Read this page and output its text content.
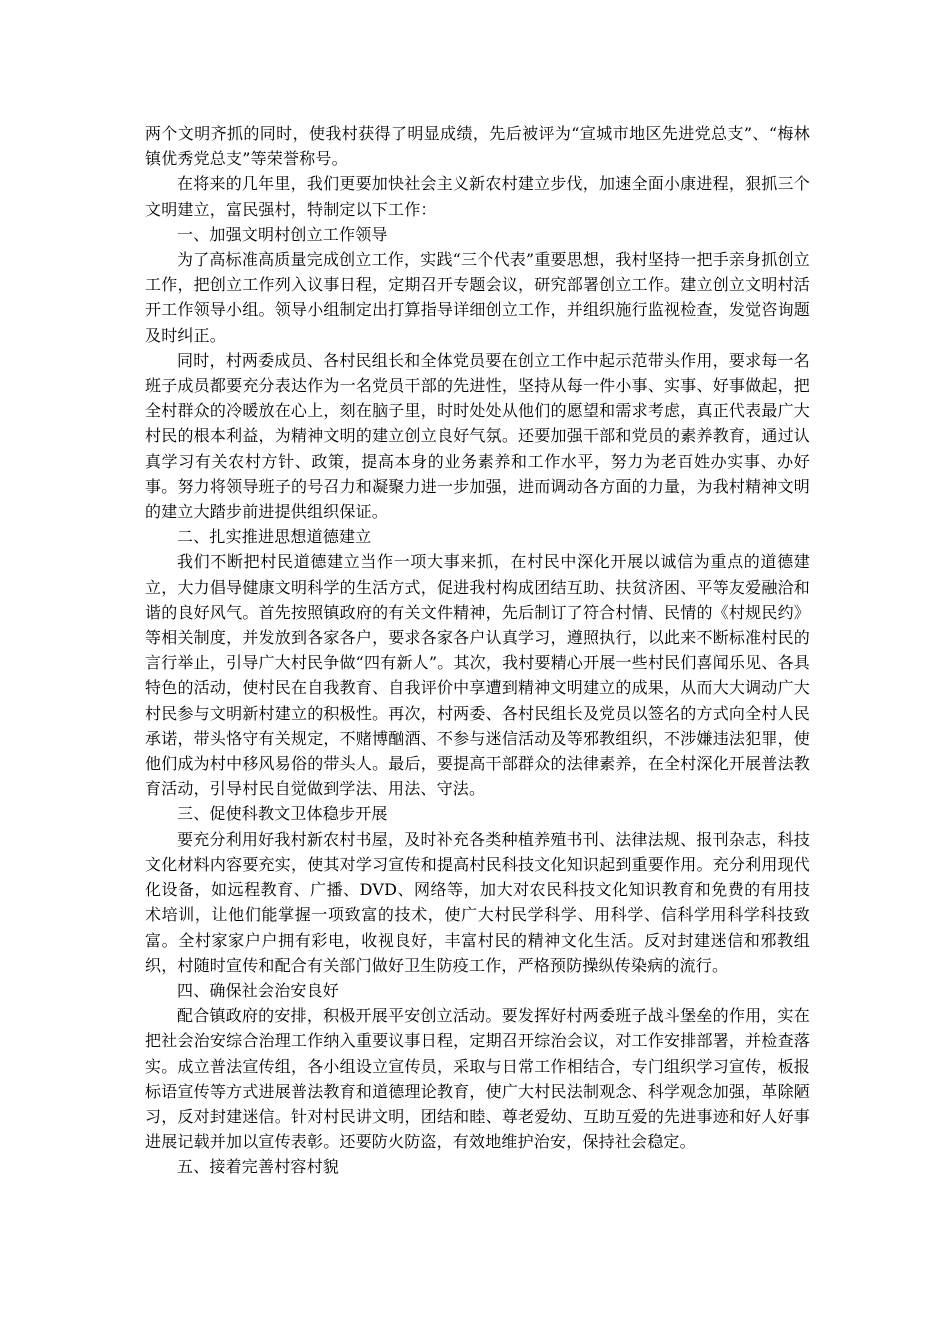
两个文明齐抓的同时，使我村获得了明显成绩，先后被评为“宣城市地区先进党总支”、“梅林镇优秀党总支”等荣誉称号。

在将来的几年里，我们更要加快社会主义新农村建立步伐，加速全面小康进程，狠抓三个文明建立，富民强村，特制定以下工作：

一、加强文明村创立工作领导

为了高标准高质量完成创立工作，实践“三个代表”重要思想，我村坚持一把手亲身抓创立工作，把创立工作列入议事日程，定期召开专题会议，研究部署创立工作。建立创立文明村活开工作领导小组。领导小组制定出打算指导详细创立工作，并组织施行监视检查，发觉咨询题及时纠正。

同时，村两委成员、各村民组长和全体党员要在创立工作中起示范带头作用，要求每一名班子成员都要充分表达作为一名党员干部的先进性，坚持从每一件小事、实事、好事做起，把全村群众的冷暖放在心上，刻在脑子里，时时处处从他们的愿望和需求考虑，真正代表最广大村民的根本利益，为精神文明的建立创立良好气氛。还要加强干部和党员的素养教育，通过认真学习有关农村方针、政策，提高本身的业务素养和工作水平，努力为老百姓办实事、办好事。努力将领导班子的号召力和凝聚力进一步加强，进而调动各方面的力量，为我村精神文明的建立大踏步前进提供组织保证。

二、扎实推进思想道德建立

我们不断把村民道德建立当作一项大事来抓，在村民中深化开展以诚信为重点的道德建立，大力倡导健康文明科学的生活方式，促进我村构成团结互助、扶贫济困、平等友爱融洽和谐的良好风气。首先按照镇政府的有关文件精神，先后制订了符合村情、民情的《村规民约》等相关制度，并发放到各家各户，要求各家各户认真学习，遵照执行，以此来不断标准村民的言行举止，引导广大村民争做“四有新人”。其次，我村要精心开展一些村民们喜闻乐见、各具特色的活动，使村民在自我教育、自我评价中享遭到精神文明建立的成果，从而大大调动广大村民参与文明新村建立的积极性。再次，村两委、各村民组长及党员以签名的方式向全村人民承诺，带头恪守有关规定，不赌博酗酒、不参与迷信活动及等邪教组织，不涉嫌违法犯罪，使他们成为村中移风易俗的带头人。最后，要提高干部群众的法律素养，在全村深化开展普法教育活动，引导村民自觉做到学法、用法、守法。

三、促使科教文卫体稳步开展

要充分利用好我村新农村书屋，及时补充各类种植养殖书刊、法律法规、报刊杂志，科技文化材料内容要充实，使其对学习宣传和提高村民科技文化知识起到重要作用。充分利用现代化设备，如远程教育、广播、DVD、网络等，加大对农民科技文化知识教育和免费的有用技术培训，让他们能掌握一项致富的技术，使广大村民学科学、用科学、信科学用科学科技致富。全村家家户户拥有彩电，收视良好，丰富村民的精神文化生活。反对封建迷信和邪教组织，村随时宣传和配合有关部门做好卫生防疫工作，严格预防操纵传染病的流行。

四、确保社会治安良好

配合镇政府的安排，积极开展平安创立活动。要发挥好村两委班子战斗堡垒的作用，实在把社会治安综合治理工作纳入重要议事日程，定期召开综治会议，对工作安排部署，并检查落实。成立普法宣传组，各小组设立宣传员，采取与日常工作相结合，专门组织学习宣传，板报标语宣传等方式进展普法教育和道德理论教育，使广大村民法制观念、科学观念加强，革除陋习，反对封建迷信。针对村民讲文明，团结和睦、尊老爱幼、互助互爱的先进事迹和好人好事进展记载并加以宣传表彰。还要防火防盗，有效地维护治安，保持社会稳定。

五、接着完善村容村貌
